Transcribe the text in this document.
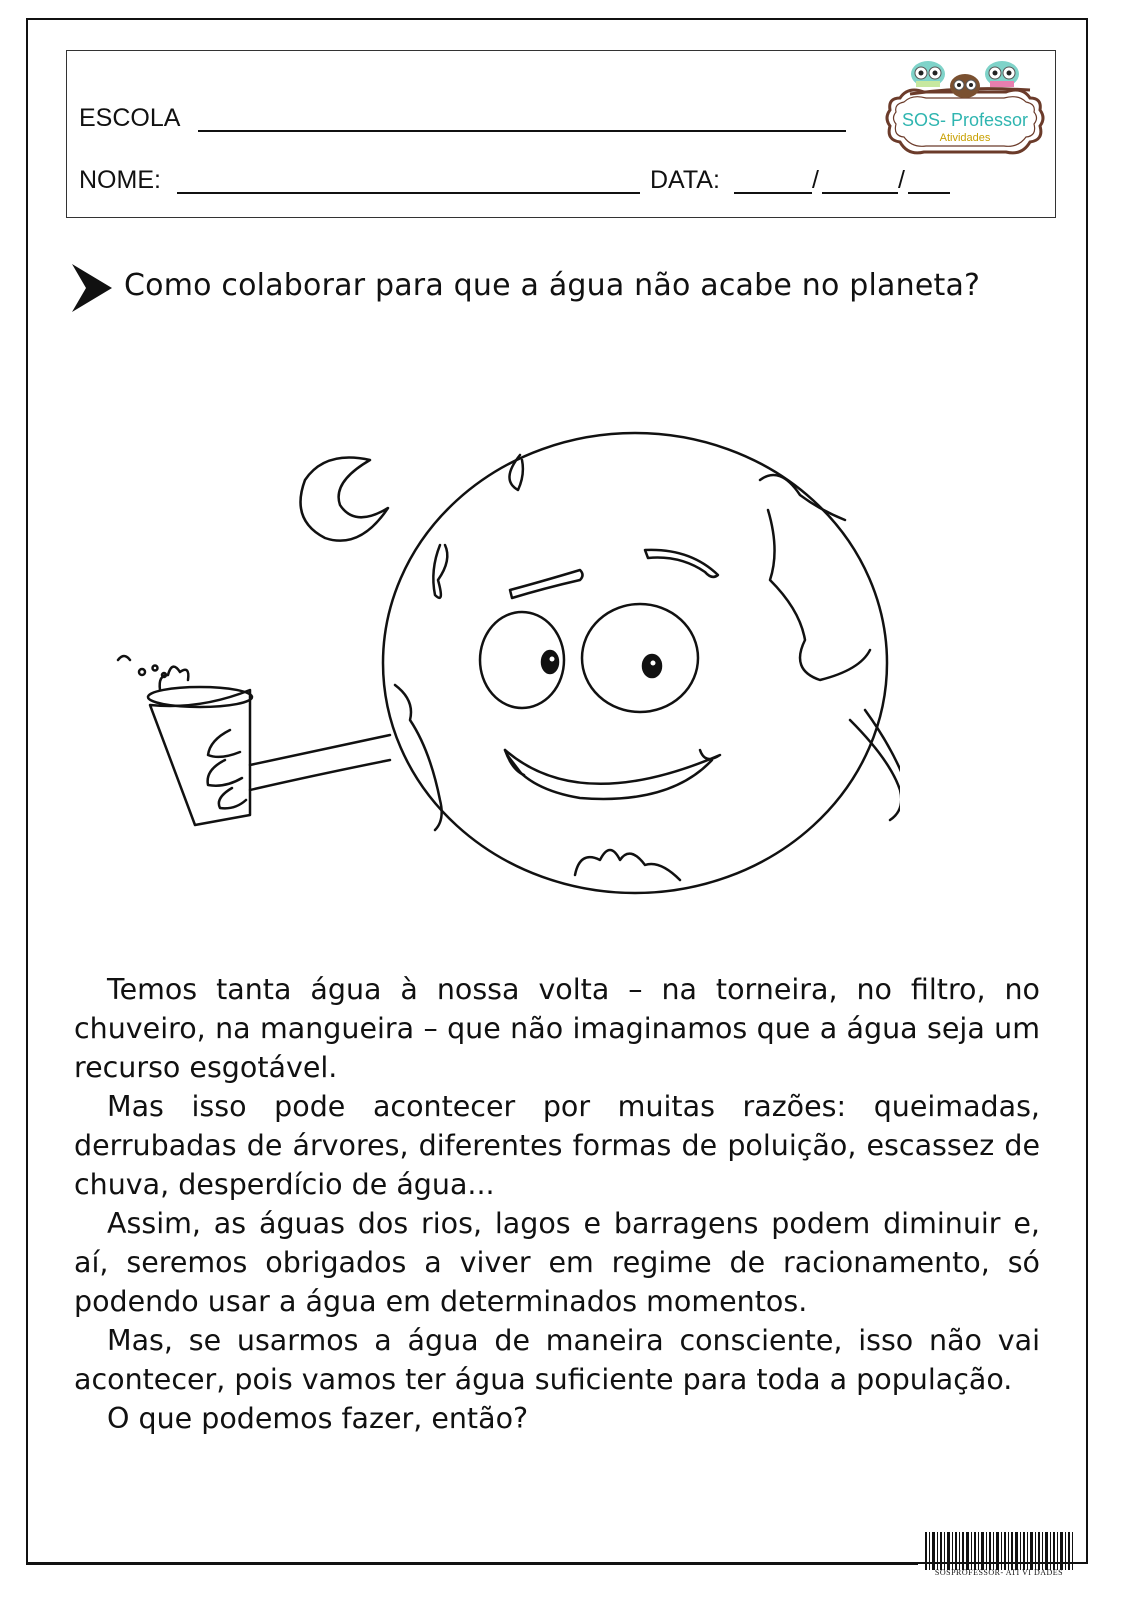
ESCOLA
NOME:	DATA:	/	/
SOS- Professor
Atividades
Como colaborar para que a água não acabe no planeta?

Temos tanta água à nossa volta – na torneira, no filtro, no chuveiro, na mangueira – que não imaginamos que a água seja um recurso esgotável.

Mas isso pode acontecer por muitas razões: queimadas, derrubadas de árvores, diferentes formas de poluição, escassez de chuva, desperdício de água...

Assim, as águas dos rios, lagos e barragens podem diminuir e, aí, seremos obrigados a viver em regime de racionamento, só podendo usar a água em determinados momentos.

Mas, se usarmos a água de maneira consciente, isso não vai acontecer, pois vamos ter água suficiente para toda a população.

O que podemos fazer, então?

SOSPROFESSOR- ATI VI DADES
